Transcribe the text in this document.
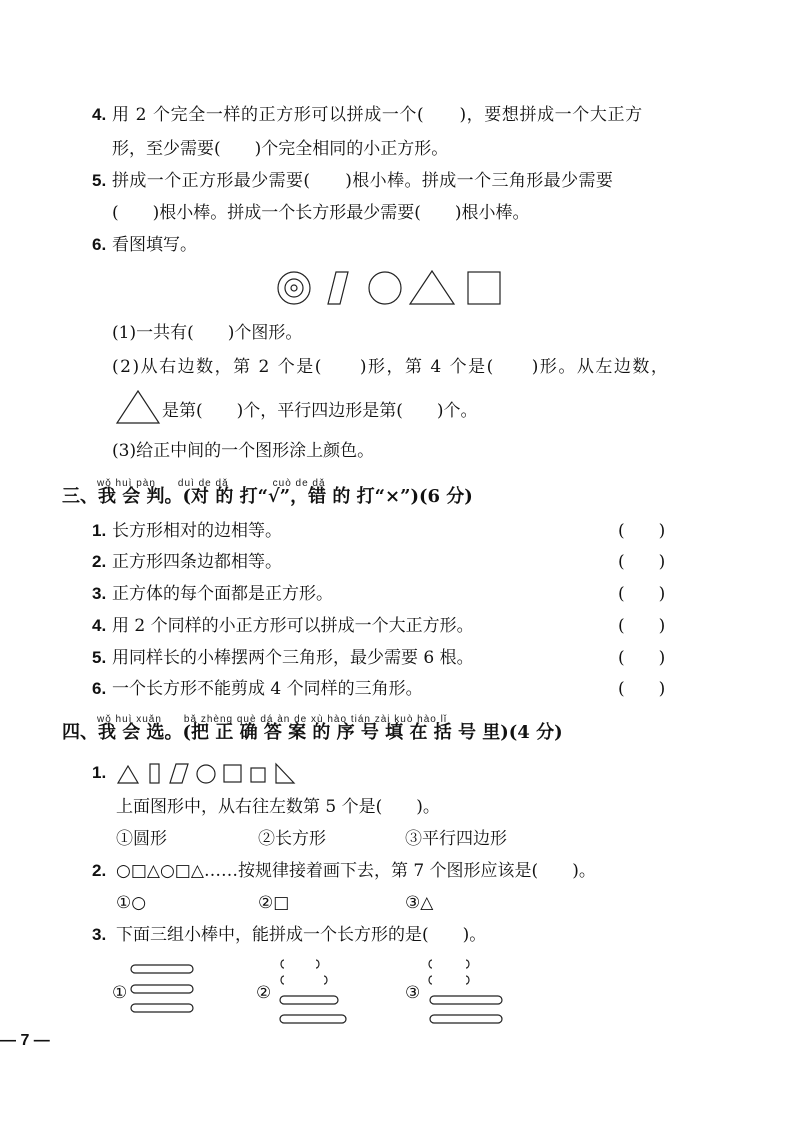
4. 用 2 个完全一样的正方形可以拼成一个(　　)，要想拼成一个大正方
形，至少需要(　　)个完全相同的小正方形。
5. 拼成一个正方形最少需要(　　)根小棒。拼成一个三角形最少需要
(　　)根小棒。拼成一个长方形最少需要(　　)根小棒。
6. 看图填写。
(1)一共有(　　)个图形。
(2)从右边数，第 2 个是(　　)形，第 4 个是(　　)形。从左边数，
是第(　　)个，平行四边形是第(　　)个。
(3)给正中间的一个图形涂上颜色。
wǒ huì pàn　　duì de dǎ　　　　cuò de dǎ
三、我 会 判。(对 的 打“√”，错 的 打“×”)(6 分)
1. 长方形相对的边相等。	(　　)
2. 正方形四条边都相等。	(　　)
3. 正方体的每个面都是正方形。	(　　)
4. 用 2 个同样的小正方形可以拼成一个大正方形。	(　　)
5. 用同样长的小棒摆两个三角形，最少需要 6 根。	(　　)
6. 一个长方形不能剪成 4 个同样的三角形。	(　　)
wǒ huì xuǎn　　bǎ zhèng què dá àn de xù hào tián zài kuò hào lǐ
四、我 会 选。(把 正 确 答 案 的 序 号 填 在 括 号 里)(4 分)
1.
上面图形中，从右往左数第 5 个是(　　)。
①圆形	②长方形	③平行四边形
2. ○□△○□△……按规律接着画下去，第 7 个图形应该是(　　)。
①○	②□	③△
3. 下面三组小棒中，能拼成一个长方形的是(　　)。
①	②	③
— 7 —
